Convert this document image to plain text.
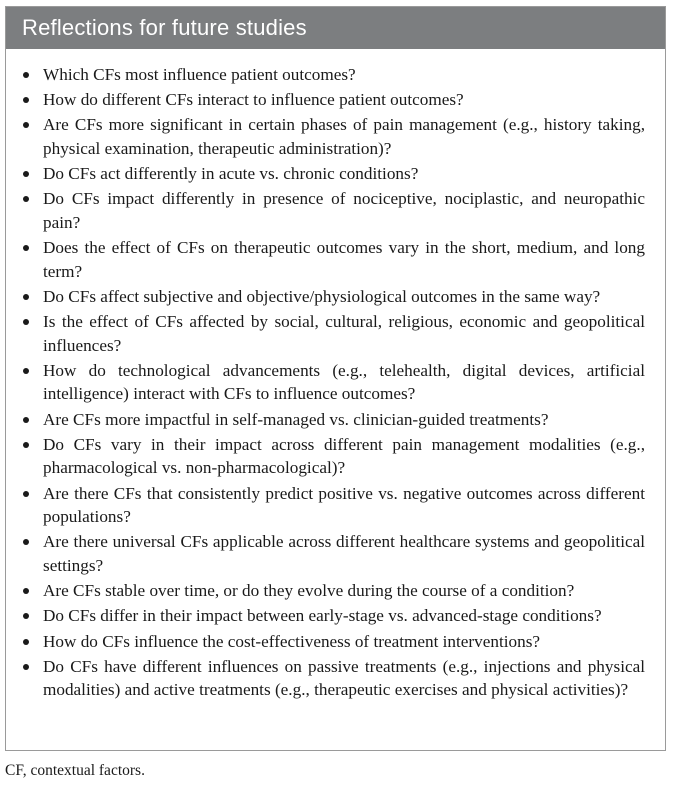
Reflections for future studies
Which CFs most influence patient outcomes?
How do different CFs interact to influence patient outcomes?
Are CFs more significant in certain phases of pain management (e.g., history taking, physical examination, therapeutic administration)?
Do CFs act differently in acute vs. chronic conditions?
Do CFs impact differently in presence of nociceptive, nociplastic, and neuropathic pain?
Does the effect of CFs on therapeutic outcomes vary in the short, medium, and long term?
Do CFs affect subjective and objective/physiological outcomes in the same way?
Is the effect of CFs affected by social, cultural, religious, economic and geopolitical influences?
How do technological advancements (e.g., telehealth, digital devices, artificial intelligence) interact with CFs to influence outcomes?
Are CFs more impactful in self-managed vs. clinician-guided treatments?
Do CFs vary in their impact across different pain management modalities (e.g., pharmacological vs. non-pharmacological)?
Are there CFs that consistently predict positive vs. negative outcomes across different populations?
Are there universal CFs applicable across different healthcare systems and geopolitical settings?
Are CFs stable over time, or do they evolve during the course of a condition?
Do CFs differ in their impact between early-stage vs. advanced-stage conditions?
How do CFs influence the cost-effectiveness of treatment interventions?
Do CFs have different influences on passive treatments (e.g., injections and physical modalities) and active treatments (e.g., therapeutic exercises and physical activities)?
CF, contextual factors.
